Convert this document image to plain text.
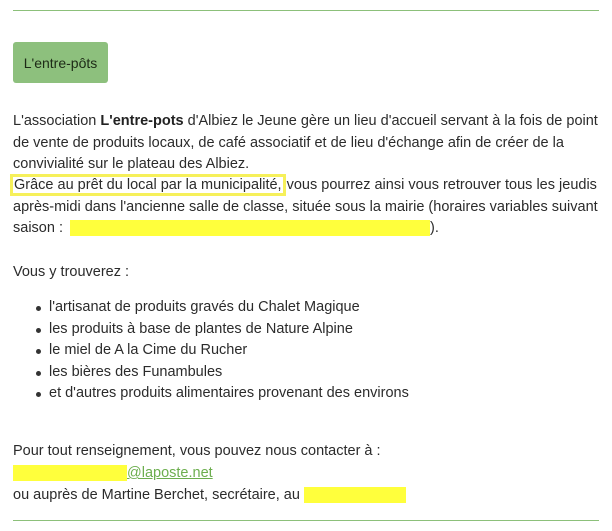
L'entre-pôts

L'association L'entre-pots d'Albiez le Jeune gère un lieu d'accueil servant à la fois de point de vente de produits locaux, de café associatif et de lieu d'échange afin de créer de la convivialité sur le plateau des Albiez.

Grâce au prêt du local par la municipalité, vous pourrez ainsi vous retrouver tous les jeudis après-midi dans l'ancienne salle de classe, située sous la mairie (horaires variables suivant saison :	).

Vous y trouverez :

l'artisanat de produits gravés du Chalet Magique
les produits à base de plantes de Nature Alpine
le miel de A la Cime du Rucher
les bières des Funambules
et d'autres produits alimentaires provenant des environs

Pour tout renseignement, vous pouvez nous contacter à :

@laposte.net

ou auprès de Martine Berchet, secrétaire, au
